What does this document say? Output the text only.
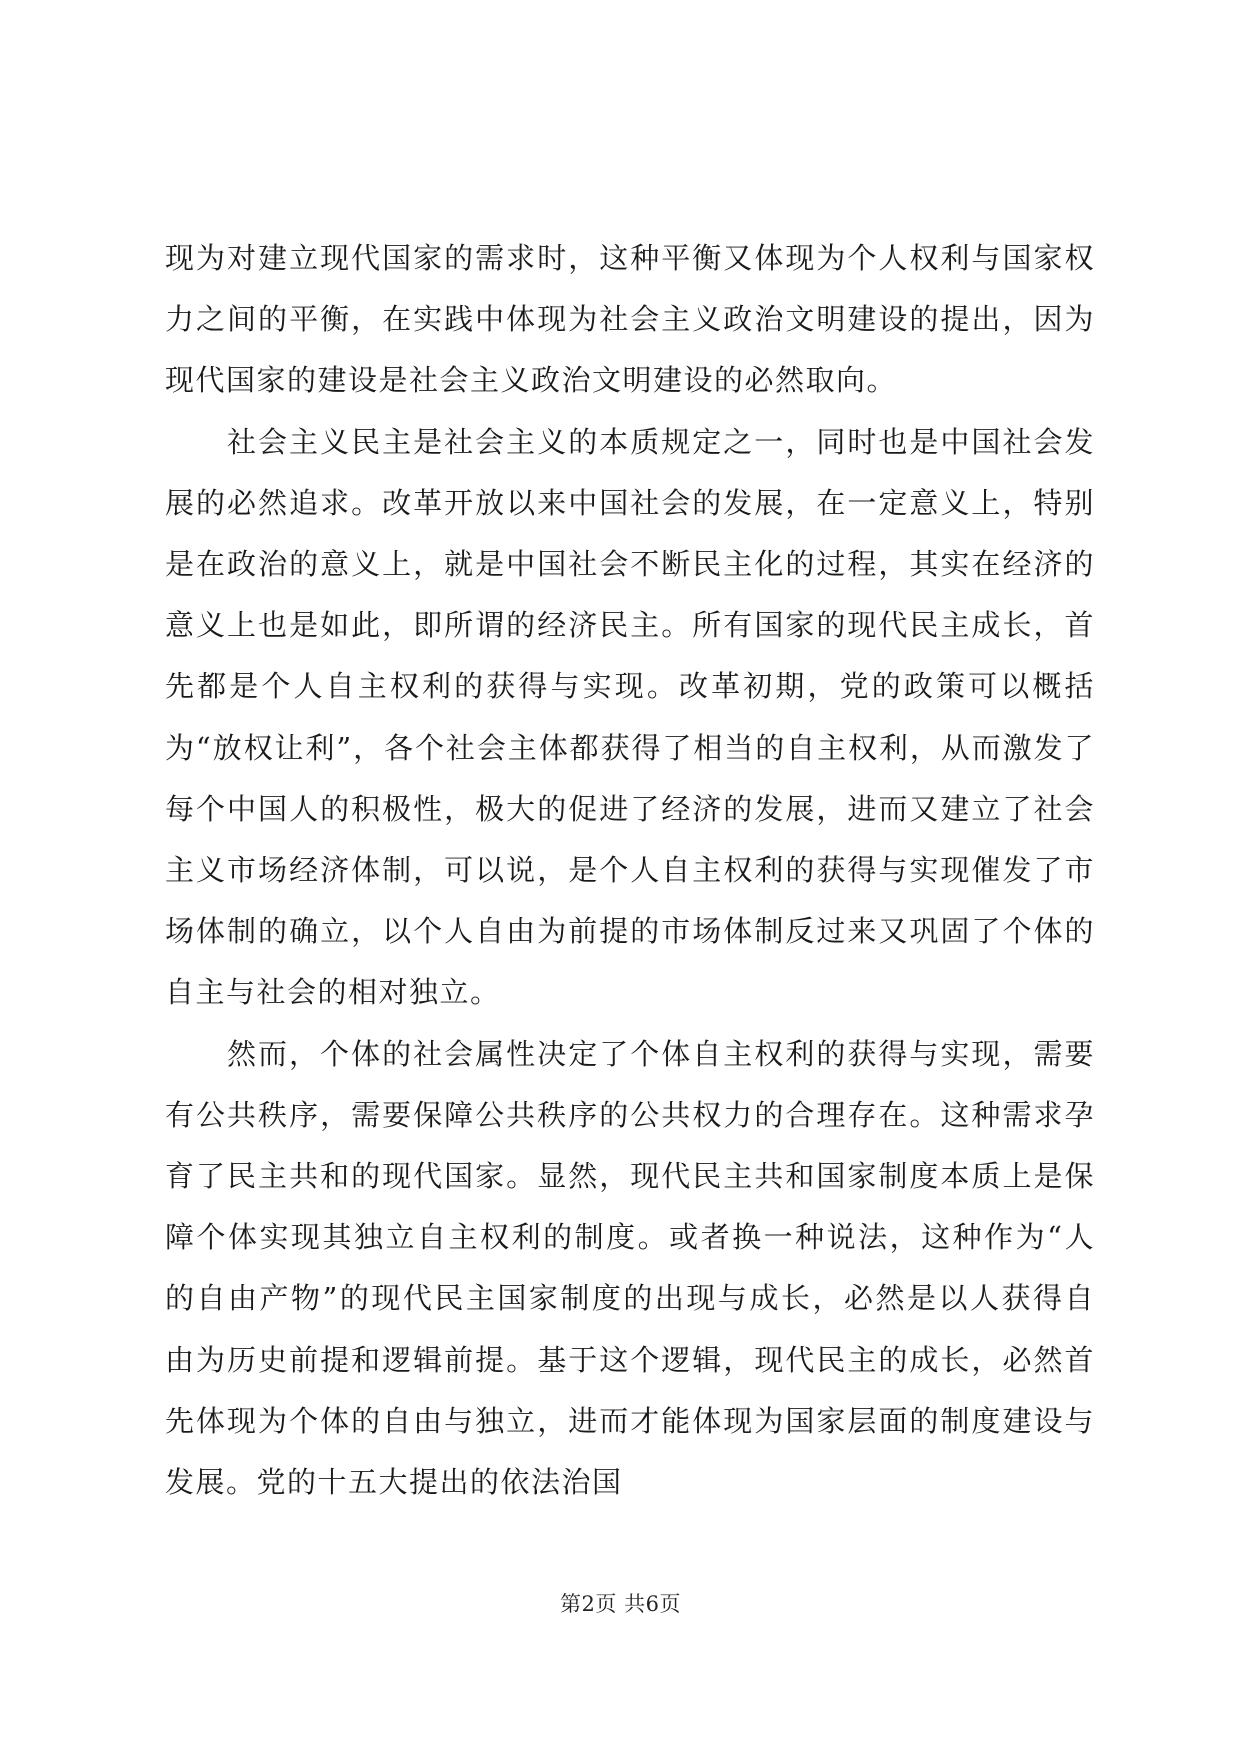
现为对建立现代国家的需求时，这种平衡又体现为个人权利与国家权力之间的平衡，在实践中体现为社会主义政治文明建设的提出，因为现代国家的建设是社会主义政治文明建设的必然取向。

社会主义民主是社会主义的本质规定之一，同时也是中国社会发展的必然追求。改革开放以来中国社会的发展，在一定意义上，特别是在政治的意义上，就是中国社会不断民主化的过程，其实在经济的意义上也是如此，即所谓的经济民主。所有国家的现代民主成长，首先都是个人自主权利的获得与实现。改革初期，党的政策可以概括为“放权让利”，各个社会主体都获得了相当的自主权利，从而激发了每个中国人的积极性，极大的促进了经济的发展，进而又建立了社会主义市场经济体制，可以说，是个人自主权利的获得与实现催发了市场体制的确立，以个人自由为前提的市场体制反过来又巩固了个体的自主与社会的相对独立。

然而，个体的社会属性决定了个体自主权利的获得与实现，需要有公共秩序，需要保障公共秩序的公共权力的合理存在。这种需求孕育了民主共和的现代国家。显然，现代民主共和国家制度本质上是保障个体实现其独立自主权利的制度。或者换一种说法，这种作为“人的自由产物”的现代民主国家制度的出现与成长，必然是以人获得自由为历史前提和逻辑前提。基于这个逻辑，现代民主的成长，必然首先体现为个体的自由与独立，进而才能体现为国家层面的制度建设与发展。党的十五大提出的依法治国

第2页 共6页
